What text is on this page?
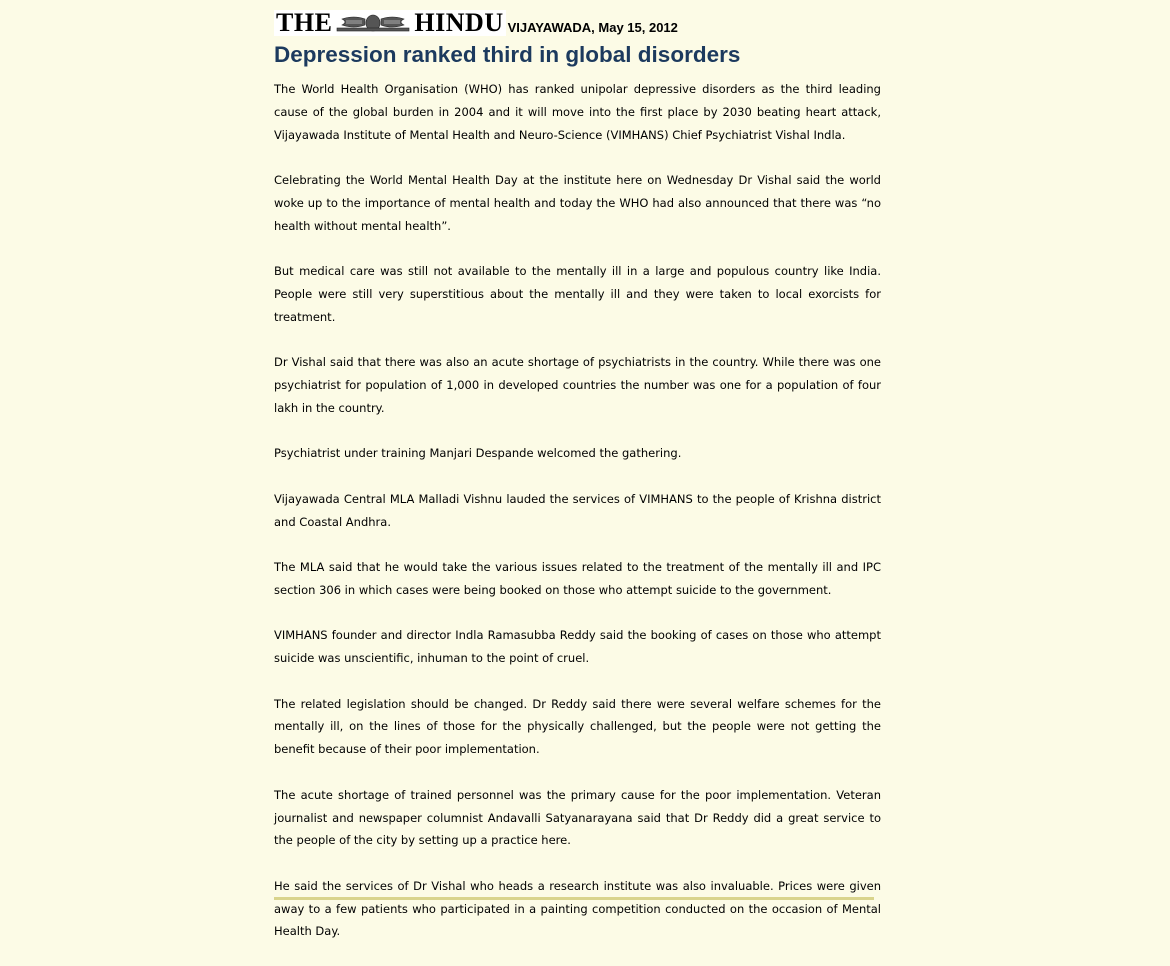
THE	HINDU VIJAYAWADA, May 15, 2012
Depression ranked third in global disorders

The World Health Organisation (WHO) has ranked unipolar depressive disorders as the third leading cause of the global burden in 2004 and it will move into the first place by 2030 beating heart attack, Vijayawada Institute of Mental Health and Neuro-Science (VIMHANS) Chief Psychiatrist Vishal Indla.

Celebrating the World Mental Health Day at the institute here on Wednesday Dr Vishal said the world woke up to the importance of mental health and today the WHO had also announced that there was “no health without mental health”.

But medical care was still not available to the mentally ill in a large and populous country like India. People were still very superstitious about the mentally ill and they were taken to local exorcists for treatment.

Dr Vishal said that there was also an acute shortage of psychiatrists in the country. While there was one psychiatrist for population of 1,000 in developed countries the number was one for a population of four lakh in the country.

Psychiatrist under training Manjari Despande welcomed the gathering.

Vijayawada Central MLA Malladi Vishnu lauded the services of VIMHANS to the people of Krishna district and Coastal Andhra.

The MLA said that he would take the various issues related to the treatment of the mentally ill and IPC section 306 in which cases were being booked on those who attempt suicide to the government.

VIMHANS founder and director Indla Ramasubba Reddy said the booking of cases on those who attempt suicide was unscientific, inhuman to the point of cruel.

The related legislation should be changed. Dr Reddy said there were several welfare schemes for the mentally ill, on the lines of those for the physically challenged, but the people were not getting the benefit because of their poor implementation.

The acute shortage of trained personnel was the primary cause for the poor implementation. Veteran journalist and newspaper columnist Andavalli Satyanarayana said that Dr Reddy did a great service to the people of the city by setting up a practice here.

He said the services of Dr Vishal who heads a research institute was also invaluable. Prices were given away to a few patients who participated in a painting competition conducted on the occasion of Mental Health Day.
